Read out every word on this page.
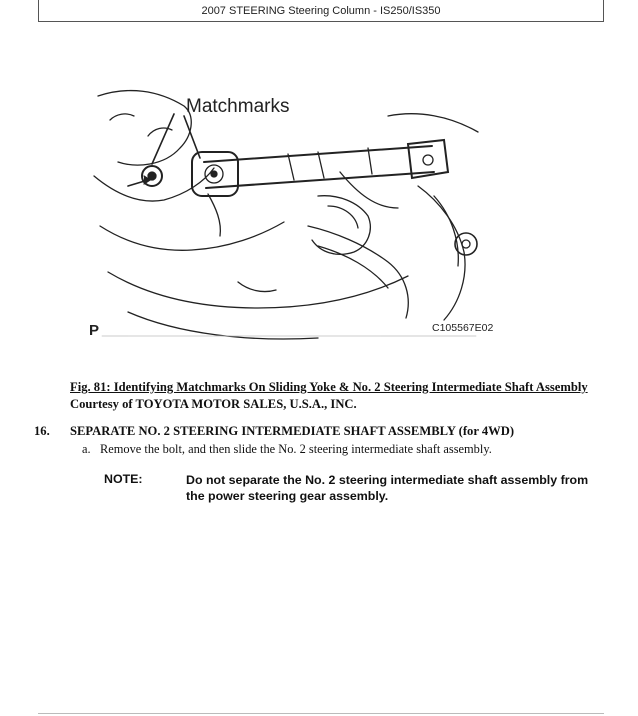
2007 STEERING Steering Column - IS250/IS350
Matchmarks
P	C105567E02
Fig. 81: Identifying Matchmarks On Sliding Yoke & No. 2 Steering Intermediate Shaft Assembly
Courtesy of TOYOTA MOTOR SALES, U.S.A., INC.
16. SEPARATE NO. 2 STEERING INTERMEDIATE SHAFT ASSEMBLY (for 4WD)
a. Remove the bolt, and then slide the No. 2 steering intermediate shaft assembly.
NOTE:	Do not separate the No. 2 steering intermediate shaft assembly from the power steering gear assembly.
